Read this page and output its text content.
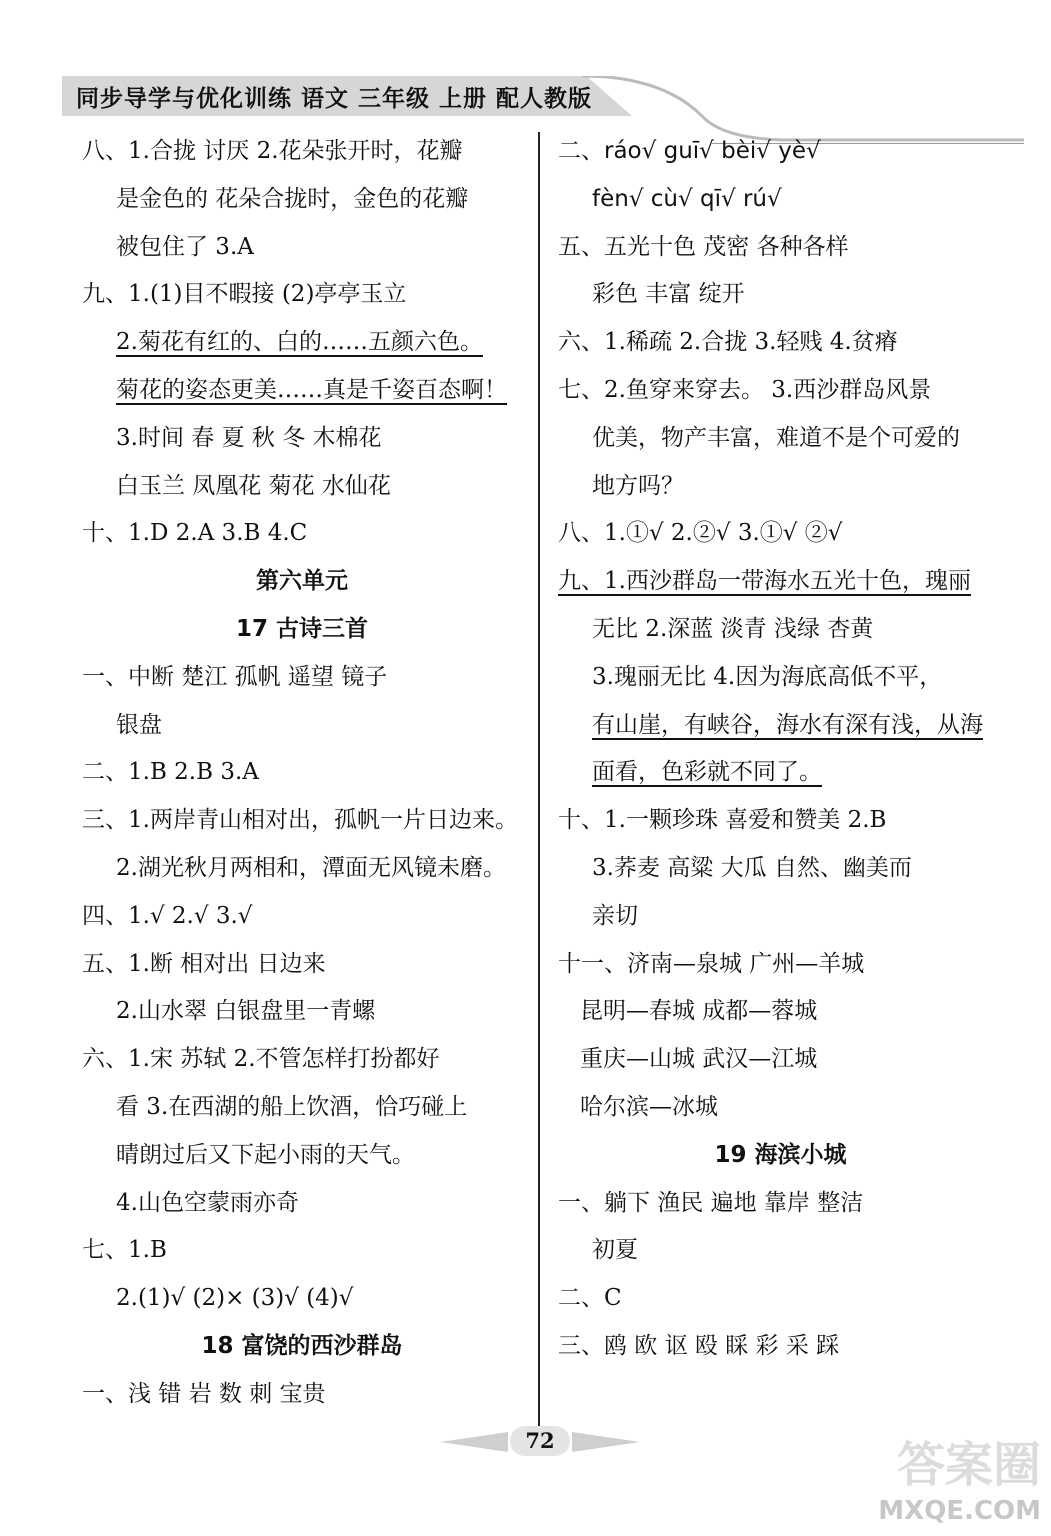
同步导学与优化训练 语文 三年级 上册 配人教版
八、1.合拢 讨厌 2.花朵张开时，花瓣
是金色的 花朵合拢时，金色的花瓣
被包住了 3.A
九、1.(1)目不暇接 (2)亭亭玉立
2.菊花有红的、白的……五颜六色。
菊花的姿态更美……真是千姿百态啊！
3.时间 春 夏 秋 冬 木棉花
白玉兰 凤凰花 菊花 水仙花
十、1.D 2.A 3.B 4.C
第六单元
17 古诗三首
一、中断 楚江 孤帆 遥望 镜子
银盘
二、1.B 2.B 3.A
三、1.两岸青山相对出，孤帆一片日边来。
2.湖光秋月两相和，潭面无风镜未磨。
四、1.√ 2.√ 3.√
五、1.断 相对出 日边来
2.山水翠 白银盘里一青螺
六、1.宋 苏轼 2.不管怎样打扮都好
看 3.在西湖的船上饮酒，恰巧碰上
晴朗过后又下起小雨的天气。
4.山色空蒙雨亦奇
七、1.B
2.(1)√ (2)× (3)√ (4)√
18 富饶的西沙群岛
一、浅 错 岩 数 刺 宝贵
二、ráo√ guī√ bèi√ yè√
fèn√ cù√ qī√ rú√
五、五光十色 茂密 各种各样
彩色 丰富 绽开
六、1.稀疏 2.合拢 3.轻贱 4.贫瘠
七、2.鱼穿来穿去。 3.西沙群岛风景
优美，物产丰富，难道不是个可爱的
地方吗？
八、1.①√ 2.②√ 3.①√ ②√
九、1.西沙群岛一带海水五光十色，瑰丽
无比 2.深蓝 淡青 浅绿 杏黄
3.瑰丽无比 4.因为海底高低不平，
有山崖，有峡谷，海水有深有浅，从海
面看，色彩就不同了。
十、1.一颗珍珠 喜爱和赞美 2.B
3.荞麦 高粱 大瓜 自然、幽美而
亲切
十一、济南—泉城 广州—羊城
昆明—春城 成都—蓉城
重庆—山城 武汉—江城
哈尔滨—冰城
19 海滨小城
一、躺下 渔民 遍地 靠岸 整洁
初夏
二、C
三、鸥 欧 讴 殴 睬 彩 采 踩
72	答案圈
MXQE.COM
